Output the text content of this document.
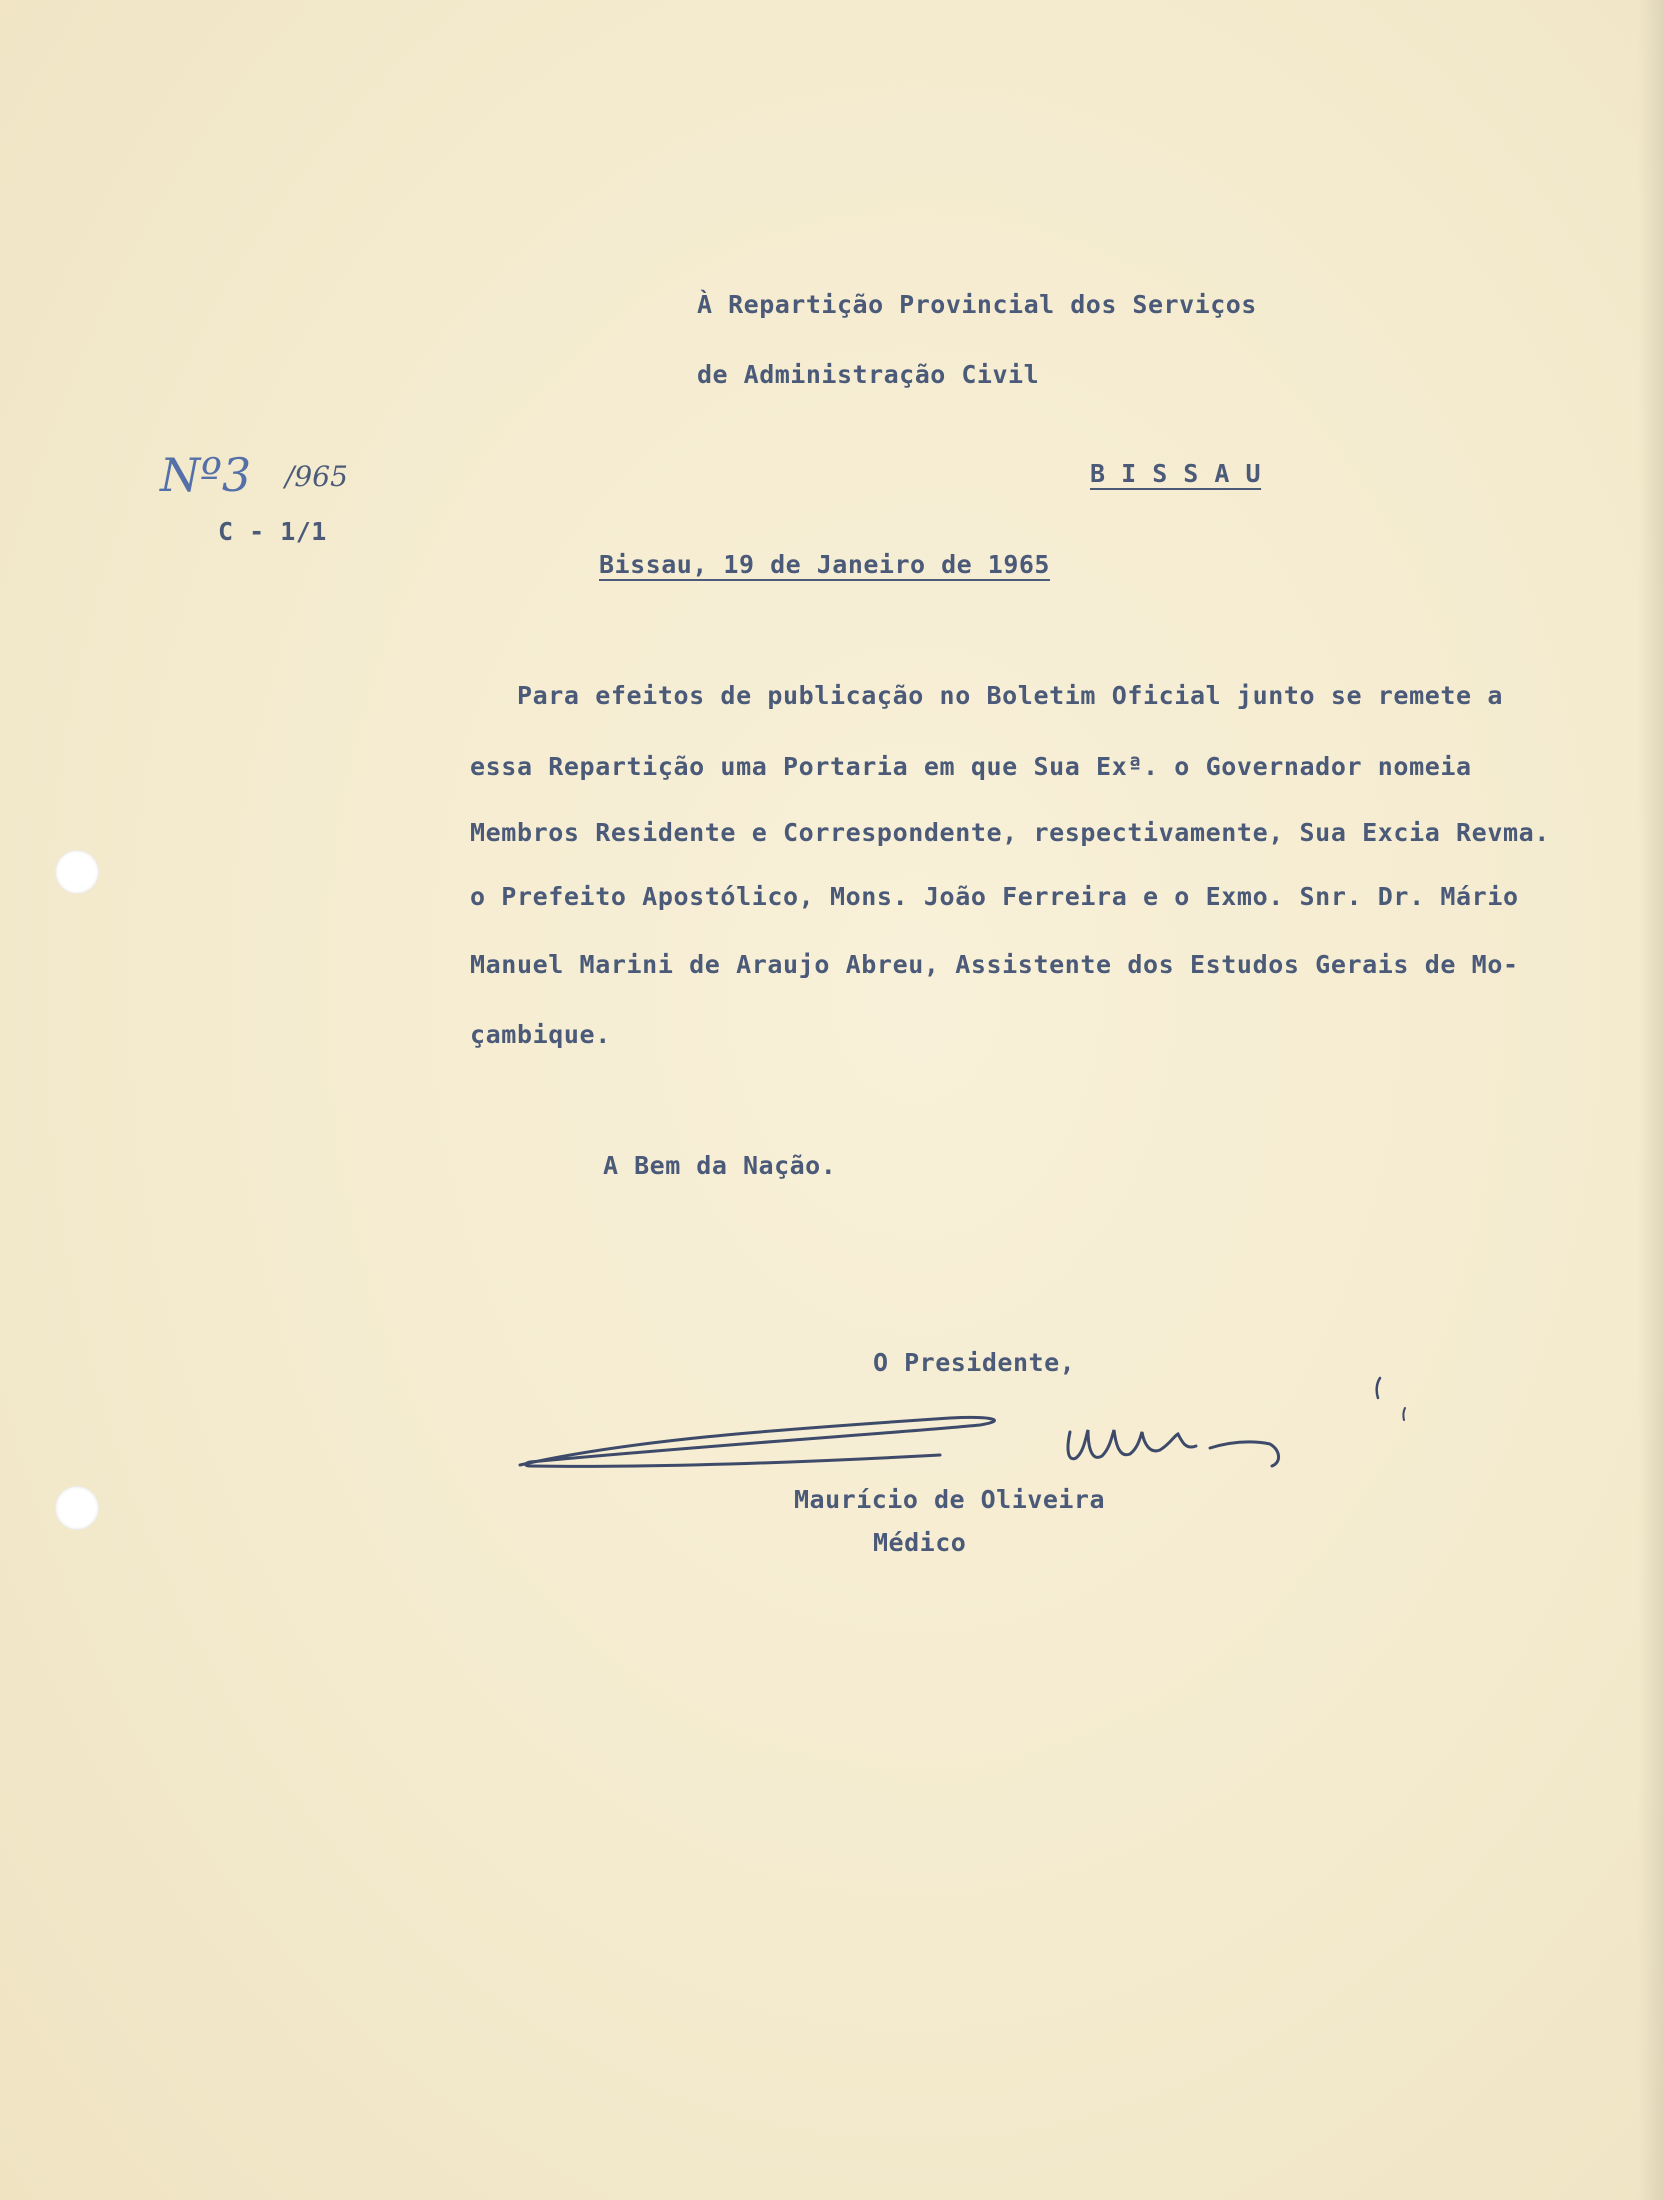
À Repartição Provincial dos Serviços
de Administração Civil
Nº3 /965
C - 1/1
B I S S A U
Bissau, 19 de Janeiro de 1965
Para efeitos de publicação no Boletim Oficial junto se remete a
essa Repartição uma Portaria em que Sua Exª. o Governador nomeia
Membros Residente e Correspondente, respectivamente, Sua Excia Revma.
o Prefeito Apostólico, Mons. João Ferreira e o Exmo. Snr. Dr. Mário
Manuel Marini de Araujo Abreu, Assistente dos Estudos Gerais de Mo-
çambique.
A Bem da Nação.
O Presidente,
Maurício de Oliveira
Médico
